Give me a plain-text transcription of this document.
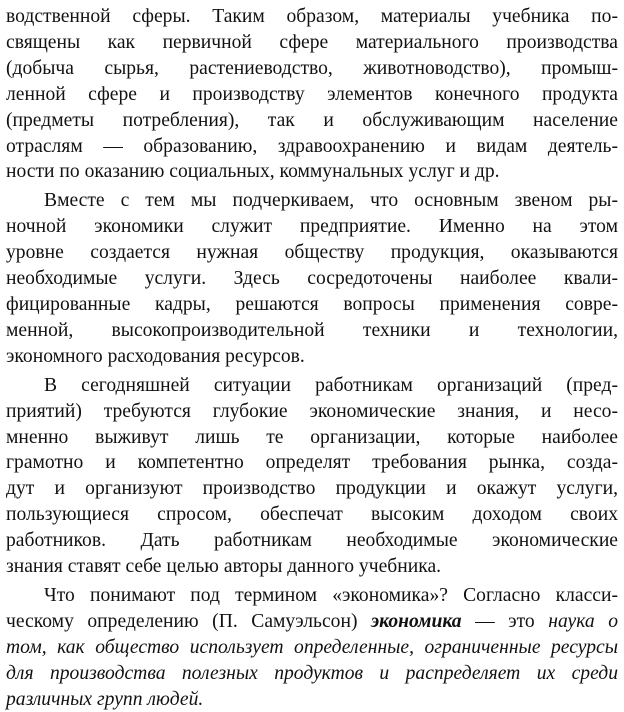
водственной сферы. Таким образом, материалы учебника по-
священы как первичной сфере материального производства
(добыча сырья, растениеводство, животноводство), промыш-
ленной сфере и производству элементов конечного продукта
(предметы потребления), так и обслуживающим население
отраслям — образованию, здравоохранению и видам деятель-
ности по оказанию социальных, коммунальных услуг и др.
Вместе с тем мы подчеркиваем, что основным звеном ры-
ночной экономики служит предприятие. Именно на этом
уровне создается нужная обществу продукция, оказываются
необходимые услуги. Здесь сосредоточены наиболее квали-
фицированные кадры, решаются вопросы применения совре-
менной, высокопроизводительной техники и технологии,
экономного расходования ресурсов.
В сегодняшней ситуации работникам организаций (пред-
приятий) требуются глубокие экономические знания, и несо-
мненно выживут лишь те организации, которые наиболее
грамотно и компетентно определят требования рынка, созда-
дут и организуют производство продукции и окажут услуги,
пользующиеся спросом, обеспечат высоким доходом своих
работников. Дать работникам необходимые экономические
знания ставят себе целью авторы данного учебника.
Что понимают под термином «экономика»? Согласно класси-
ческому определению (П. Самуэльсон) экономика — это наука о
том, как общество использует определенные, ограниченные ресурсы
для производства полезных продуктов и распределяет их среди
различных групп людей.
